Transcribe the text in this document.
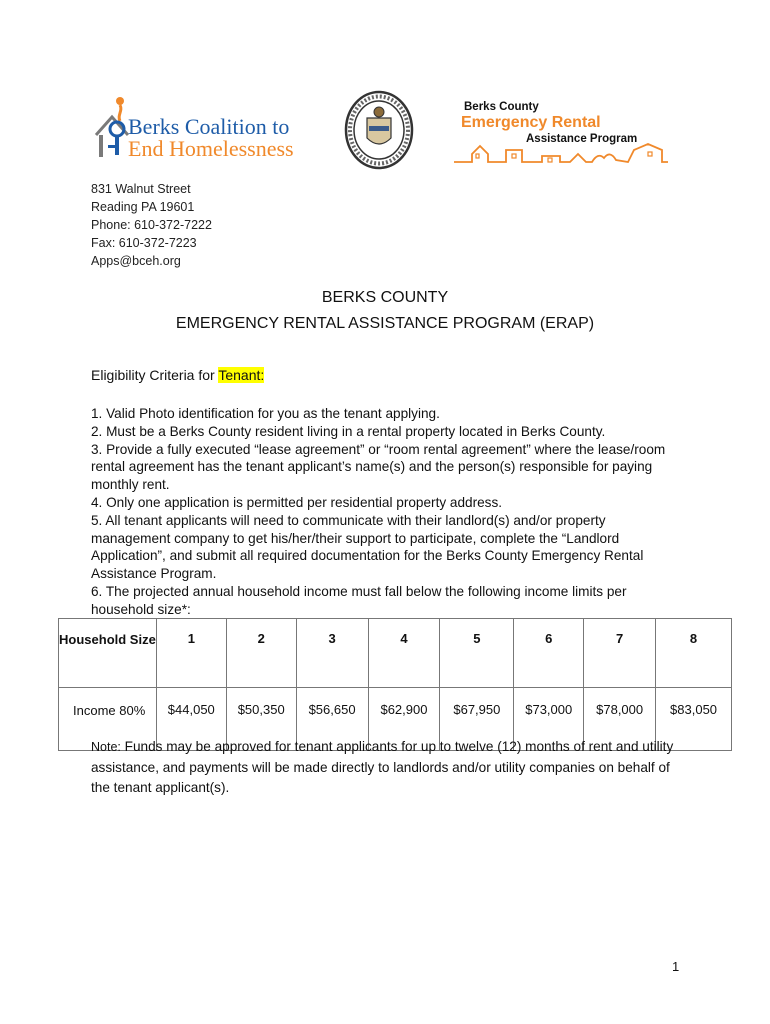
Berks Coalition to
End Homelessness
Berks County
Emergency Rental
Assistance Program
831 Walnut Street
Reading PA 19601
Phone: 610-372-7222
Fax: 610-372-7223
Apps@bceh.org
BERKS COUNTY
EMERGENCY RENTAL ASSISTANCE PROGRAM (ERAP)
Eligibility Criteria for Tenant:

1. Valid Photo identification for you as the tenant applying.

2. Must be a Berks County resident living in a rental property located in Berks County.

3. Provide a fully executed “lease agreement” or “room rental agreement” where the lease/room rental agreement has the tenant applicant’s name(s) and the person(s) responsible for paying monthly rent.

4. Only one application is permitted per residential property address.

5. All tenant applicants will need to communicate with their landlord(s) and/or property management company to get his/her/their support to participate, complete the “Landlord Application”, and submit all required documentation for the Berks County Emergency Rental Assistance Program.

6. The projected annual household income must fall below the following income limits per household size*:

Household Size	1	2	3	4	5	6	7	8
Income 80%	$44,050	$50,350	$56,650	$62,900	$67,950	$73,000	$78,000	$83,050
Note: Funds may be approved for tenant applicants for up to twelve (12) months of rent and utility assistance, and payments will be made directly to landlords and/or utility companies on behalf of the tenant applicant(s).
1
